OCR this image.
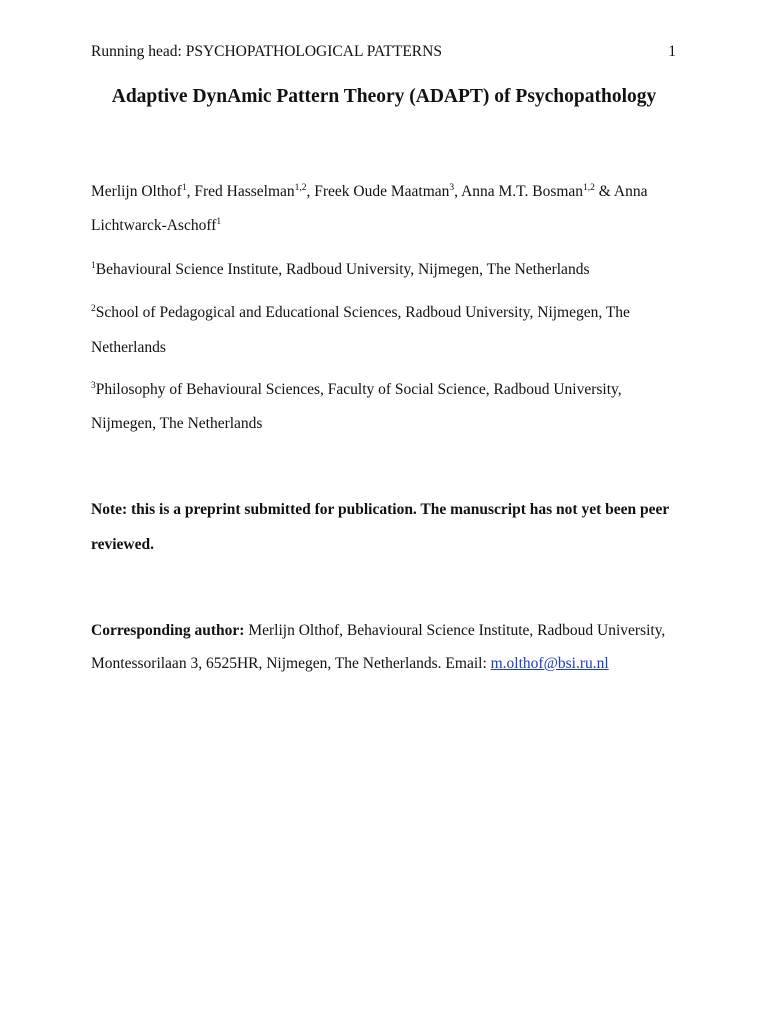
Running head: PSYCHOPATHOLOGICAL PATTERNS	1
Adaptive DynAmic Pattern Theory (ADAPT) of Psychopathology
Merlijn Olthof$^1$, Fred Hasselman$^{1,2}$, Freek Oude Maatman$^3$, Anna M.T. Bosman$^{1,2}$ & Anna
Lichtwarck-Aschoff$^1$
$^1$Behavioural Science Institute, Radboud University, Nijmegen, The Netherlands
$^2$School of Pedagogical and Educational Sciences, Radboud University, Nijmegen, The
Netherlands
$^3$Philosophy of Behavioural Sciences, Faculty of Social Science, Radboud University,
Nijmegen, The Netherlands
Note: this is a preprint submitted for publication. The manuscript has not yet been peer
reviewed.
Corresponding author: Merlijn Olthof, Behavioural Science Institute, Radboud University,
Montessorilaan 3, 6525HR, Nijmegen, The Netherlands. Email: m.olthof@bsi.ru.nl
